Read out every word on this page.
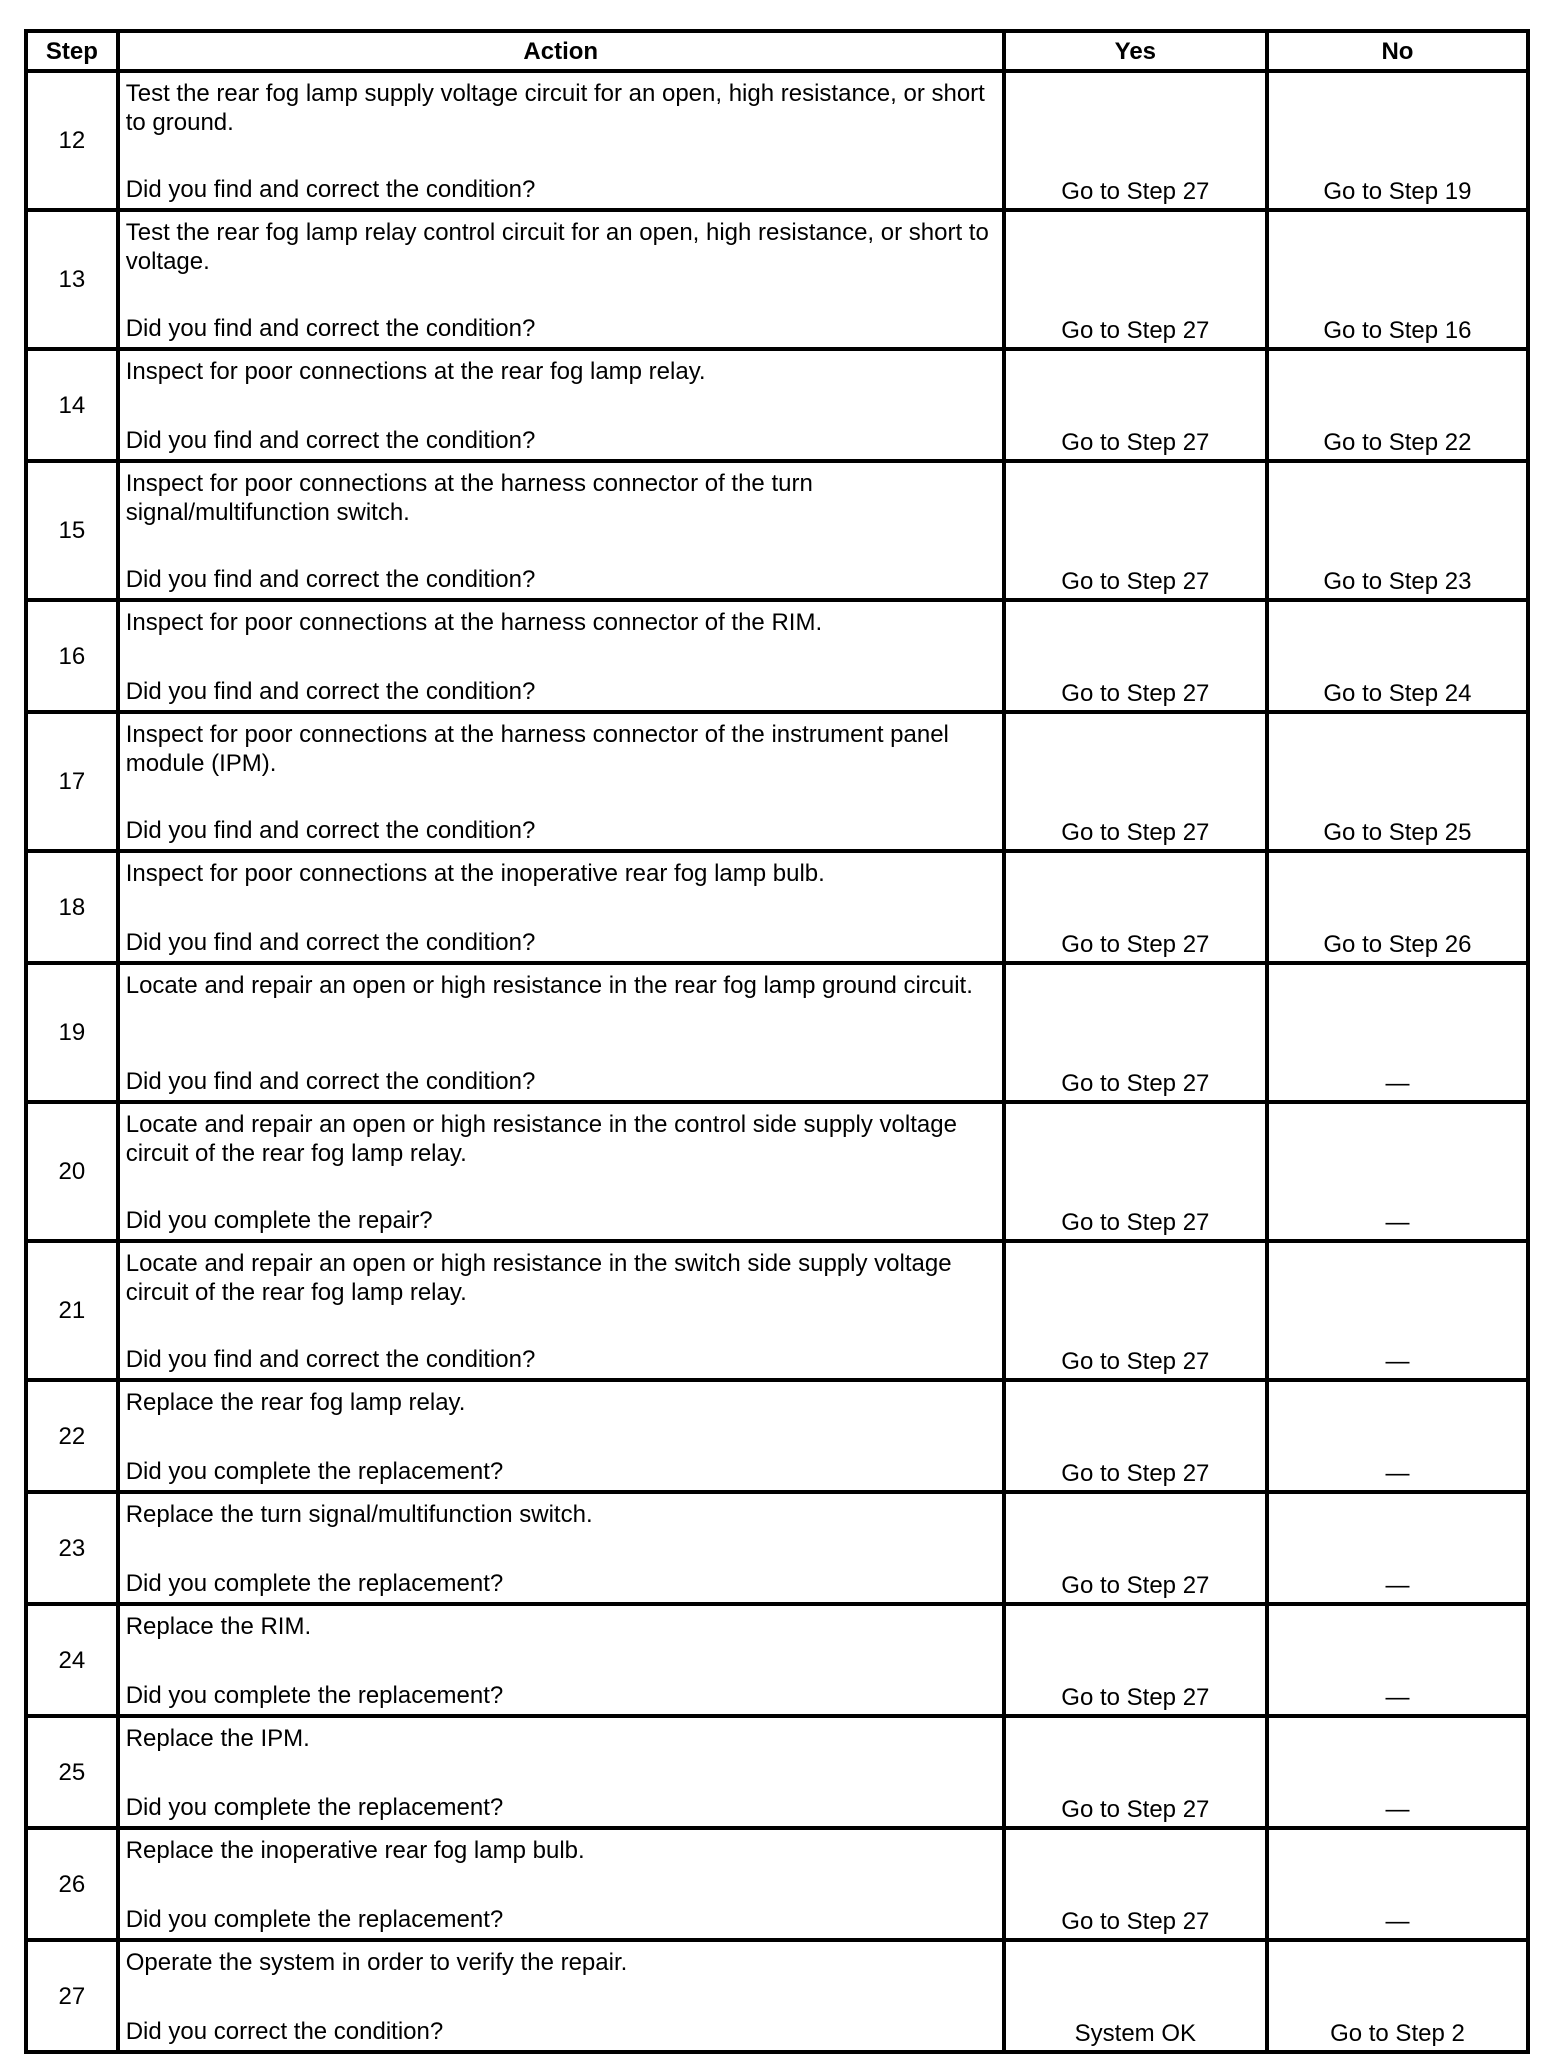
Step	Action	Yes	No
12	Test the rear fog lamp supply voltage circuit for an open, high resistance, or short to ground.
Did you find and correct the condition?	Go to Step 27	Go to Step 19
13	Test the rear fog lamp relay control circuit for an open, high resistance, or short to voltage.
Did you find and correct the condition?	Go to Step 27	Go to Step 16
14	Inspect for poor connections at the rear fog lamp relay.
Did you find and correct the condition?	Go to Step 27	Go to Step 22
15	Inspect for poor connections at the harness connector of the turn signal/multifunction switch.
Did you find and correct the condition?	Go to Step 27	Go to Step 23
16	Inspect for poor connections at the harness connector of the RIM.
Did you find and correct the condition?	Go to Step 27	Go to Step 24
17	Inspect for poor connections at the harness connector of the instrument panel module (IPM).
Did you find and correct the condition?	Go to Step 27	Go to Step 25
18	Inspect for poor connections at the inoperative rear fog lamp bulb.
Did you find and correct the condition?	Go to Step 27	Go to Step 26
19	Locate and repair an open or high resistance in the rear fog lamp ground circuit.
Did you find and correct the condition?	Go to Step 27	—
20	Locate and repair an open or high resistance in the control side supply voltage circuit of the rear fog lamp relay.
Did you complete the repair?	Go to Step 27	—
21	Locate and repair an open or high resistance in the switch side supply voltage circuit of the rear fog lamp relay.
Did you find and correct the condition?	Go to Step 27	—
22	Replace the rear fog lamp relay.
Did you complete the replacement?	Go to Step 27	—
23	Replace the turn signal/multifunction switch.
Did you complete the replacement?	Go to Step 27	—
24	Replace the RIM.
Did you complete the replacement?	Go to Step 27	—
25	Replace the IPM.
Did you complete the replacement?	Go to Step 27	—
26	Replace the inoperative rear fog lamp bulb.
Did you complete the replacement?	Go to Step 27	—
27	Operate the system in order to verify the repair.
Did you correct the condition?	System OK	Go to Step 2
